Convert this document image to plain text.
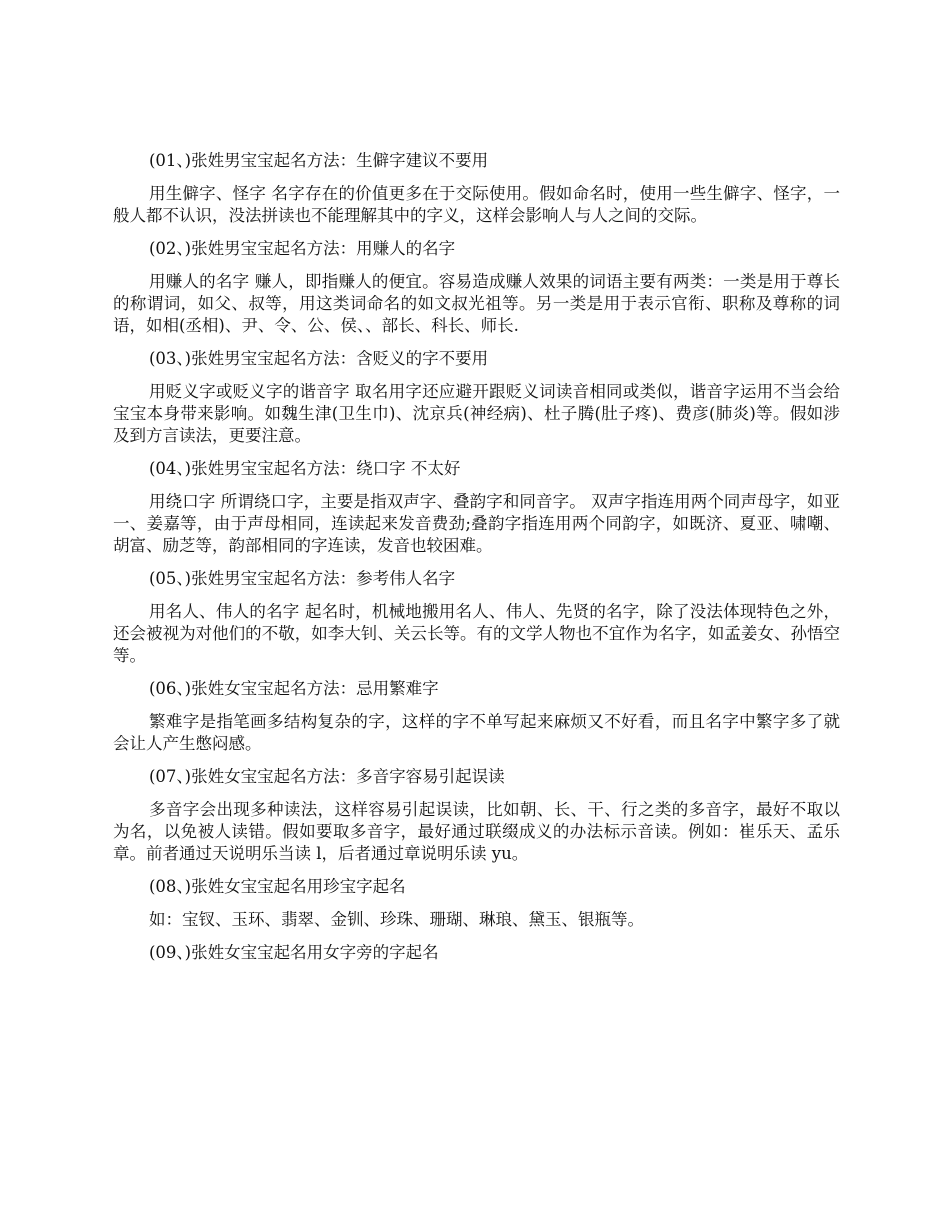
(01、)张姓男宝宝起名方法：生僻字建议不要用

用生僻字、怪字 名字存在的价值更多在于交际使用。假如命名时，使用一些生僻字、怪字，一般人都不认识，没法拼读也不能理解其中的字义，这样会影响人与人之间的交际。

(02、)张姓男宝宝起名方法：用赚人的名字

用赚人的名字 赚人，即指赚人的便宜。容易造成赚人效果的词语主要有两类：一类是用于尊长的称谓词，如父、叔等，用这类词命名的如文叔光祖等。另一类是用于表示官衔、职称及尊称的词语，如相(丞相)、尹、令、公、侯、、部长、科长、师长.

(03、)张姓男宝宝起名方法：含贬义的字不要用

用贬义字或贬义字的谐音字 取名用字还应避开跟贬义词读音相同或类似，谐音字运用不当会给宝宝本身带来影响。如魏生津(卫生巾)、沈京兵(神经病)、杜子腾(肚子疼)、费彦(肺炎)等。假如涉及到方言读法，更要注意。

(04、)张姓男宝宝起名方法：绕口字 不太好

用绕口字 所谓绕口字，主要是指双声字、叠韵字和同音字。 双声字指连用两个同声母字，如亚一、姜嘉等，由于声母相同，连读起来发音费劲;叠韵字指连用两个同韵字，如既济、夏亚、啸嘲、胡富、励芝等，韵部相同的字连读，发音也较困难。

(05、)张姓男宝宝起名方法：参考伟人名字

用名人、伟人的名字 起名时，机械地搬用名人、伟人、先贤的名字，除了没法体现特色之外，还会被视为对他们的不敬，如李大钊、关云长等。有的文学人物也不宜作为名字，如孟姜女、孙悟空等。

(06、)张姓女宝宝起名方法：忌用繁难字

繁难字是指笔画多结构复杂的字，这样的字不单写起来麻烦又不好看，而且名字中繁字多了就会让人产生憋闷感。

(07、)张姓女宝宝起名方法：多音字容易引起误读

多音字会出现多种读法，这样容易引起误读，比如朝、长、干、行之类的多音字，最好不取以为名，以免被人读错。假如要取多音字，最好通过联缀成义的办法标示音读。例如：崔乐天、孟乐章。前者通过天说明乐当读 l，后者通过章说明乐读 yu。

(08、)张姓女宝宝起名用珍宝字起名

如：宝钗、玉环、翡翠、金钏、珍珠、珊瑚、琳琅、黛玉、银瓶等。

(09、)张姓女宝宝起名用女字旁的字起名
